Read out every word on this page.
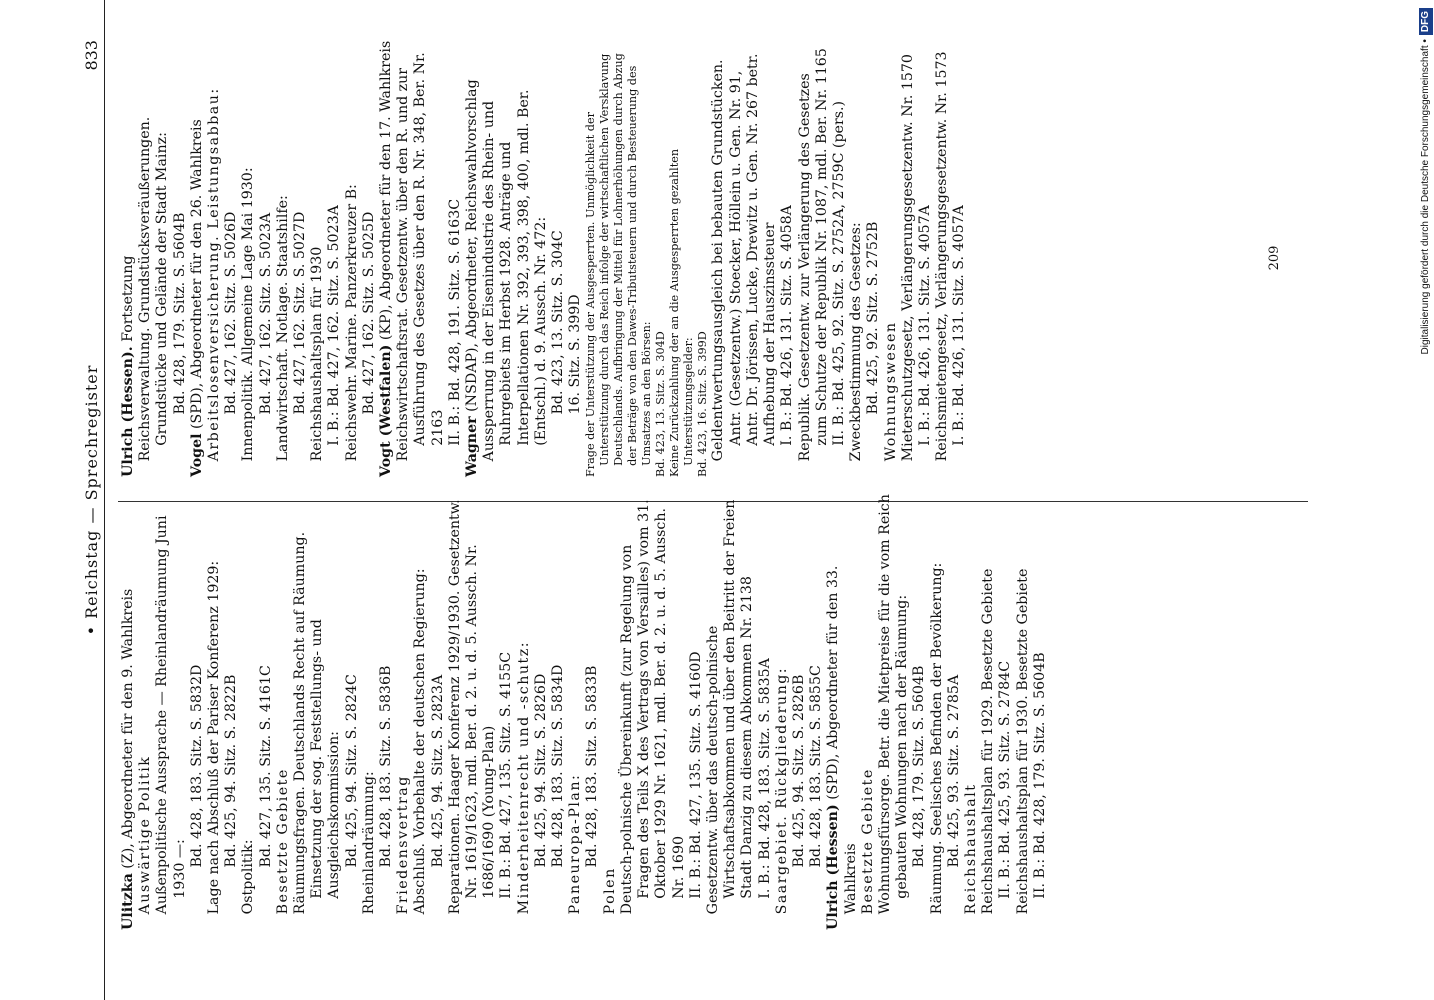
Digitalisierung gefördert durch die Deutsche Forschungsgemeinschaft •DFG
• Reichstag — Sprechregister
833

Ulitzka (Z), Abgeordneter für den 9. Wahlkreis Auswärtige Politik Außenpolitische Aussprache — Rheinlandräumung Juni 1930 —:

Bd. 428, 183. Sitz. S. 5832D Lage nach Abschluß der Pariser Konferenz 1929: Bd. 425, 94. Sitz. S. 2822B

Ostpolitik:

Bd. 427, 135. Sitz. S. 4161C Besetzte Gebiete Räumungsfragen. Deutschlands Recht auf Räumung. Einsetzung der sog. Feststellungs- und Ausgleichskommission: Bd. 425, 94. Sitz. S. 2824C Rheinlandräumung: Bd. 428, 183. Sitz. S. 5836B Friedensvertrag Abschluß. Vorbehalte der deutschen Regierung: Bd. 425, 94. Sitz. S. 2823A Reparationen. Haager Konferenz 1929/1930. Gesetzentw. Nr. 1619/1623, mdl. Ber. d. 2. u. d. 5. Aussch. Nr. 1686/1690 (Young-Plan) II. B.: Bd. 427, 135. Sitz. S. 4155C Minderheitenrecht und -schutz: Bd. 425, 94. Sitz. S. 2826D Bd. 428, 183. Sitz. S. 5834D Paneuropa-Plan: Bd. 428, 183. Sitz. S. 5833B

Polen Deutsch-polnische Übereinkunft (zur Regelung von Fragen des Teils X des Vertrags von Versailles) vom 31. Oktober 1929 Nr. 1621, mdl. Ber. d. 2. u. d. 5. Aussch. Nr. 1690 II. B.: Bd. 427, 135. Sitz. S. 4160D Gesetzentw. über das deutsch-polnische Wirtschaftsabkommen und über den Beitritt der Freien Stadt Danzig zu diesem Abkommen Nr. 2138 I. B.: Bd. 428, 183. Sitz. S. 5835A Saargebiet. Rückgliederung: Bd. 425, 94. Sitz. S. 2826B Bd. 428, 183. Sitz. S. 5855C Ulrich (Hessen) (SPD), Abgeordneter für den 33. Wahlkreis Besetzte Gebiete Wohnungsfürsorge. Betr. die Mietpreise für die vom Reich gebauten Wohnungen nach der Räumung: Bd. 428, 179. Sitz. S. 5604B Räumung. Seelisches Befinden der Bevölkerung: Bd. 425, 93. Sitz. S. 2785A Reichshaushalt Reichshaushaltsplan für 1929. Besetzte Gebiete II. B.: Bd. 425, 93. Sitz. S. 2784C Reichshaushaltsplan für 1930. Besetzte Gebiete II. B.: Bd. 428, 179. Sitz. S. 5604B

Ulrich (Hessen). Fortsetzung Reichsverwaltung. Grundstücksveräußerungen. Grundstücke und Gelände der Stadt Mainz: Bd. 428, 179. Sitz. S. 5604B

Vogel (SPD), Abgeordneter für den 26. Wahlkreis Arbeitslosenversicherung. Leistungsabbau: Bd. 427, 162. Sitz. S. 5026D Innenpolitik. Allgemeine Lage Mai 1930: Bd. 427, 162. Sitz. S. 5023A Landwirtschaft. Notlage. Staatshilfe: Bd. 427, 162. Sitz. S. 5027D Reichshaushaltsplan für 1930 I. B.: Bd. 427, 162. Sitz. S. 5023A Reichswehr. Marine. Panzerkreuzer B: Bd. 427, 162. Sitz. S. 5025D Vogt (Westfalen) (KP), Abgeordneter für den 17. Wahlkreis Reichswirtschaftsrat. Gesetzentw. über den R. und zur Ausführung des Gesetzes über den R. Nr. 348, Ber. Nr. 2163 II. B.: Bd. 428, 191. Sitz. S. 6163C

Wagner (NSDAP), Abgeordneter, Reichswahlvorschlag Aussperrung in der Eisenindustrie des Rhein- und Ruhrgebiets im Herbst 1928. Anträge und Interpellationen Nr. 392, 393, 398, 400, mdl. Ber. (Entschl.) d. 9. Aussch. Nr. 472: Bd. 423, 13. Sitz. S. 304C 16. Sitz. S. 399D Frage der Unterstützung der Ausgesperrten. Unmöglichkeit der Unterstützung durch das Reich infolge der wirtschaftlichen Versklavung Deutschlands. Aufbringung der Mittel für Lohnerhöhungen durch Abzug der Beträge von den Dawes-Tributsteuern und durch Besteuerung des Umsatzes an den Börsen: Bd. 423, 13. Sitz. S. 304D Keine Zurückzahlung der an die Ausgesperrten gezahlten Unterstützungsgelder: Bd. 423, 16. Sitz. S. 399D Geldentwertungsausgleich bei bebauten Grundstücken. Antr. (Gesetzentw.) Stoecker, Höllein u. Gen. Nr. 91, Antr. Dr. Jörissen, Lucke, Drewitz u. Gen. Nr. 267 betr. Aufhebung der Hauszinssteuer I. B.: Bd. 426, 131. Sitz. S. 4058A Republik. Gesetzentw. zur Verlängerung des Gesetzes zum Schutze der Republik Nr. 1087, mdl. Ber. Nr. 1165 II. B.: Bd. 425, 92. Sitz. S. 2752A, 2759C (pers.) Zweckbestimmung des Gesetzes: Bd. 425, 92. Sitz. S. 2752B Wohnungswesen Mieterschutzgesetz, Verlängerungsgesetzentw. Nr. 1570 I. B.: Bd. 426, 131. Sitz. S. 4057A Reichsmietengesetz, Verlängerungsgesetzentw. Nr. 1573 I. B.: Bd. 426, 131. Sitz. S. 4057A	209
